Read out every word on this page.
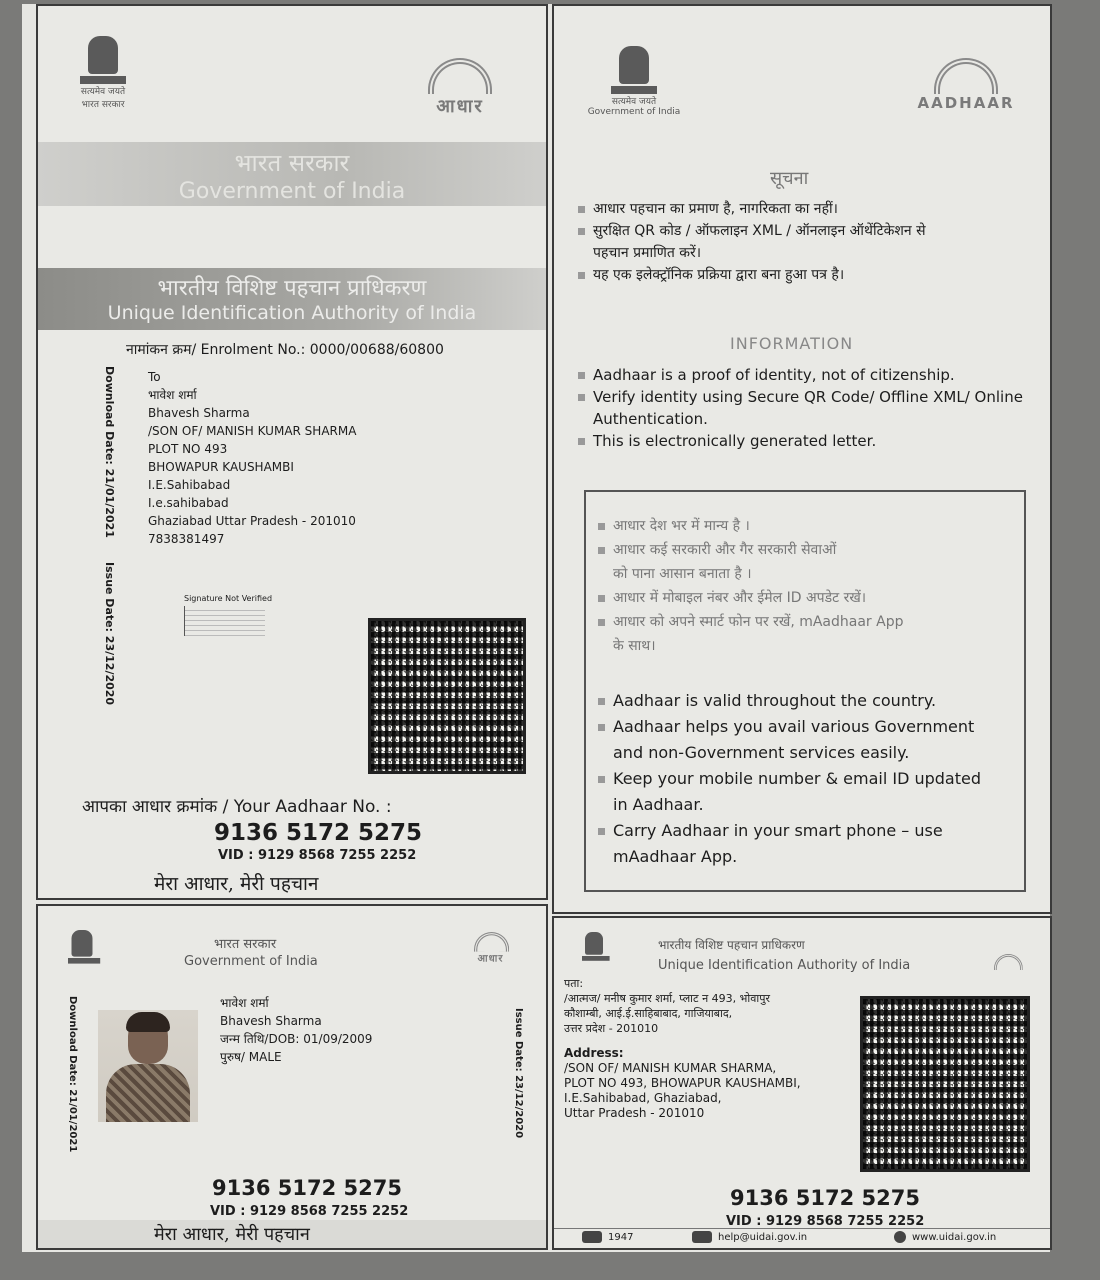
सत्यमेव जयते
भारत सरकार	आधार
भारत सरकार
Government of India
भारतीय विशिष्ट पहचान प्राधिकरण
Unique Identification Authority of India
नामांकन क्रम/ Enrolment No.: 0000/00688/60800
Download Date: 21/01/2021
Issue Date: 23/12/2020
To
भावेश शर्मा
Bhavesh Sharma
/SON OF/ MANISH KUMAR SHARMA
PLOT NO 493
BHOWAPUR KAUSHAMBI
I.E.Sahibabad
I.e.sahibabad
Ghaziabad Uttar Pradesh - 201010
7838381497
Signature Not Verified
आपका आधार क्रमांक / Your Aadhaar No. :
9136 5172 5275
VID : 9129 8568 7255 2252
मेरा आधार, मेरी पहचान
सत्यमेव जयते
Government of India	AADHAAR
सूचना
आधार पहचान का प्रमाण है, नागरिकता का नहीं।
सुरक्षित QR कोड / ऑफलाइन XML / ऑनलाइन ऑथेंटिकेशन से
पहचान प्रमाणित करें।
यह एक इलेक्ट्रॉनिक प्रक्रिया द्वारा बना हुआ पत्र है।
INFORMATION
Aadhaar is a proof of identity, not of citizenship.
Verify identity using Secure QR Code/ Offline XML/ Online
Authentication.
This is electronically generated letter.
आधार देश भर में मान्य है ।
आधार कई सरकारी और गैर सरकारी सेवाओं
को पाना आसान बनाता है ।
आधार में मोबाइल नंबर और ईमेल ID अपडेट रखें।
आधार को अपने स्मार्ट फोन पर रखें, mAadhaar App
के साथ।
Aadhaar is valid throughout the country.
Aadhaar helps you avail various Government
and non-Government services easily.
Keep your mobile number & email ID updated
in Aadhaar.
Carry Aadhaar in your smart phone – use
mAadhaar App.
भारत सरकार
Government of India	आधार
Download Date: 21/01/2021	Issue Date: 23/12/2020
भावेश शर्मा
Bhavesh Sharma
जन्म तिथि/DOB: 01/09/2009
पुरुष/ MALE
9136 5172 5275
VID : 9129 8568 7255 2252
मेरा आधार, मेरी पहचान
भारतीय विशिष्ट पहचान प्राधिकरण
Unique Identification Authority of India
पता:
/आत्मज/ मनीष कुमार शर्मा, प्लाट न 493, भोवापुर
कौशाम्बी, आई.ई.साहिबाबाद, गाजियाबाद,
उत्तर प्रदेश - 201010
Address:
/SON OF/ MANISH KUMAR SHARMA,
PLOT NO 493, BHOWAPUR KAUSHAMBI,
I.E.Sahibabad, Ghaziabad,
Uttar Pradesh - 201010
9136 5172 5275
VID : 9129 8568 7255 2252
1947	help@uidai.gov.in	www.uidai.gov.in
